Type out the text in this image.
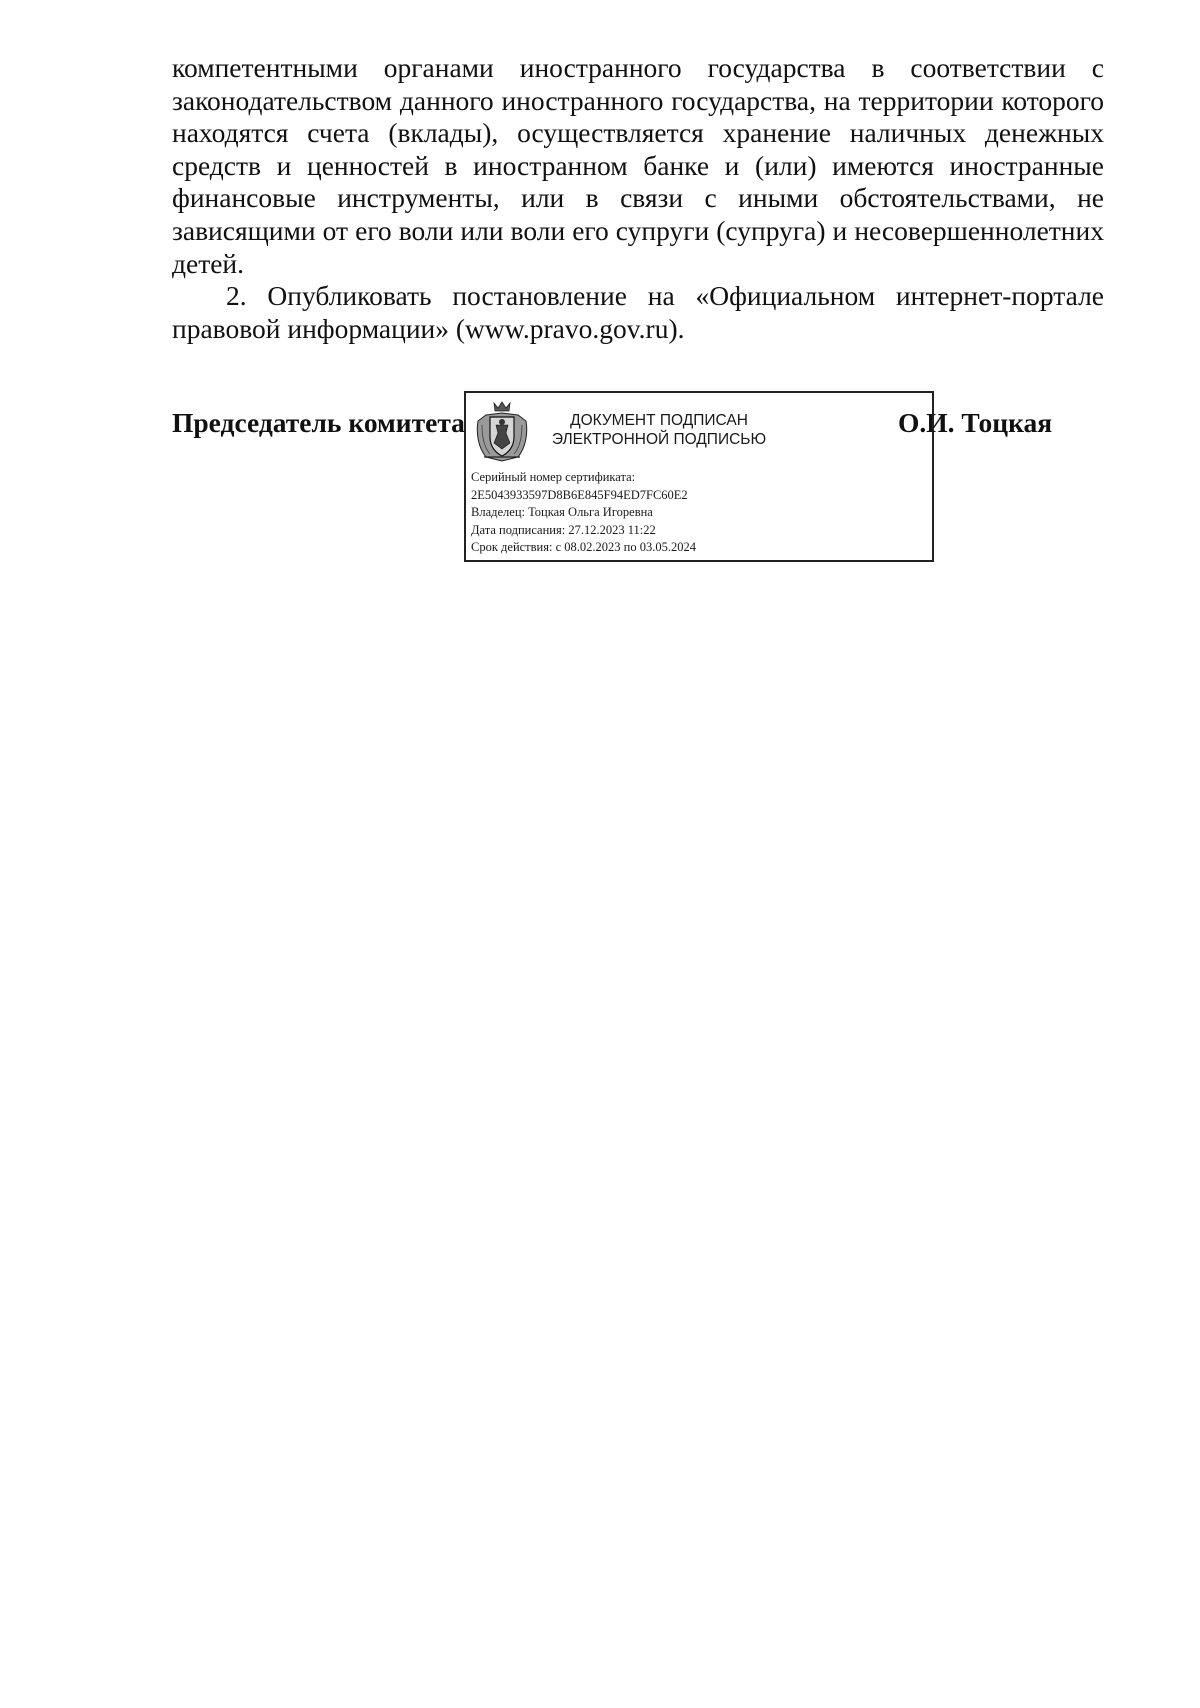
компетентными органами иностранного государства в соответствии с законодательством данного иностранного государства, на территории которого находятся счета (вклады), осуществляется хранение наличных денежных средств и ценностей в иностранном банке и (или) имеются иностранные финансовые инструменты, или в связи с иными обстоятельствами, не зависящими от его воли или воли его супруги (супруга) и несовершеннолетних детей.

2. Опубликовать постановление на «Официальном интернет-портале правовой информации» (www.pravo.gov.ru).

Председатель комитета	О.И. Тоцкая
ДОКУМЕНТ ПОДПИСАН
ЭЛЕКТРОННОЙ ПОДПИСЬЮ
Серийный номер сертификата:
2E5043933597D8B6E845F94ED7FC60E2
Владелец: Тоцкая Ольга Игоревна
Дата подписания: 27.12.2023 11:22
Срок действия: с 08.02.2023 по 03.05.2024
